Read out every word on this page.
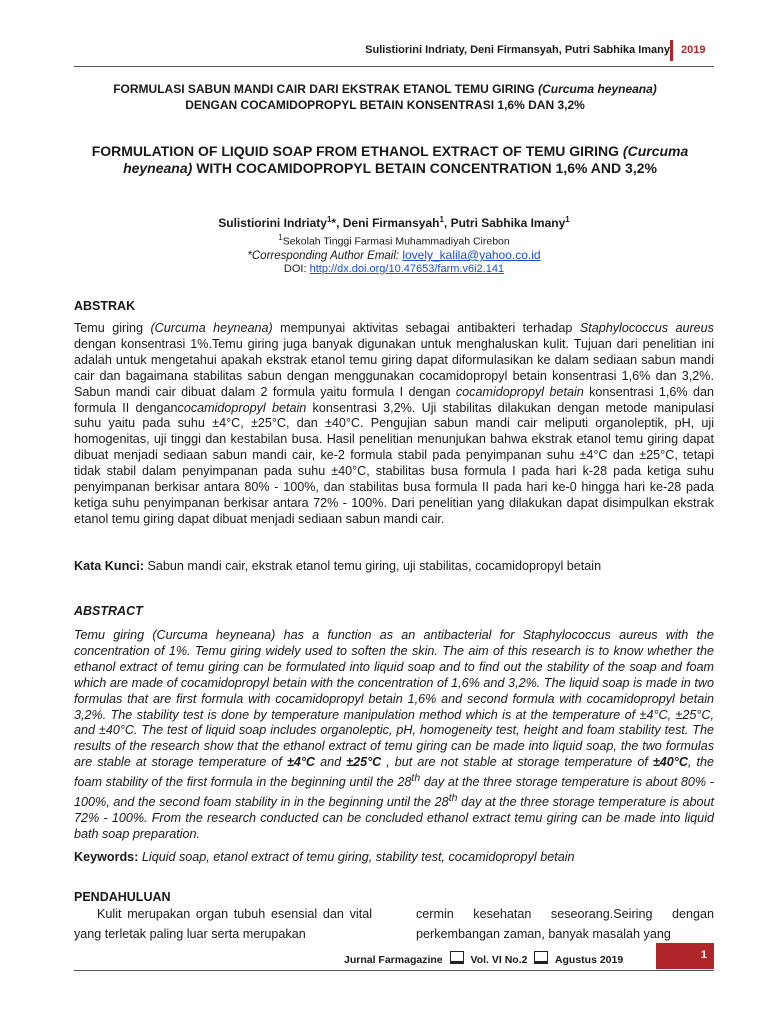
Sulistiorini Indriaty, Deni Firmansyah, Putri Sabhika Imany 2019
FORMULASI SABUN MANDI CAIR DARI EKSTRAK ETANOL TEMU GIRING (Curcuma heyneana) DENGAN COCAMIDOPROPYL BETAIN KONSENTRASI 1,6% DAN 3,2%
FORMULATION OF LIQUID SOAP FROM ETHANOL EXTRACT OF TEMU GIRING (Curcuma heyneana) WITH COCAMIDOPROPYL BETAIN CONCENTRATION 1,6% AND 3,2%
Sulistiorini Indriaty$^1$*, Deni Firmansyah$^1$, Putri Sabhika Imany$^1$
$^1$Sekolah Tinggi Farmasi Muhammadiyah Cirebon
*Corresponding Author Email: lovely_kalila@yahoo.co.id
DOI: http://dx.doi.org/10.47653/farm.v6i2.141
ABSTRAK
Temu giring (Curcuma heyneana) mempunyai aktivitas sebagai antibakteri terhadap Staphylococcus aureus dengan konsentrasi 1%.Temu giring juga banyak digunakan untuk menghaluskan kulit. Tujuan dari penelitian ini adalah untuk mengetahui apakah ekstrak etanol temu giring dapat diformulasikan ke dalam sediaan sabun mandi cair dan bagaimana stabilitas sabun dengan menggunakan cocamidopropyl betain konsentrasi 1,6% dan 3,2%. Sabun mandi cair dibuat dalam 2 formula yaitu formula I dengan cocamidopropyl betain konsentrasi 1,6% dan formula II dengancocamidopropyl betain konsentrasi 3,2%. Uji stabilitas dilakukan dengan metode manipulasi suhu yaitu pada suhu ±4°C, ±25°C, dan ±40°C. Pengujian sabun mandi cair meliputi organoleptik, pH, uji homogenitas, uji tinggi dan kestabilan busa. Hasil penelitian menunjukan bahwa ekstrak etanol temu giring dapat dibuat menjadi sediaan sabun mandi cair, ke-2 formula stabil pada penyimpanan suhu ±4°C dan ±25°C, tetapi tidak stabil dalam penyimpanan pada suhu ±40°C, stabilitas busa formula I pada hari k-28 pada ketiga suhu penyimpanan berkisar antara 80% - 100%, dan stabilitas busa formula II pada hari ke-0 hingga hari ke-28 pada ketiga suhu penyimpanan berkisar antara 72% - 100%. Dari penelitian yang dilakukan dapat disimpulkan ekstrak etanol temu giring dapat dibuat menjadi sediaan sabun mandi cair.
Kata Kunci: Sabun mandi cair, ekstrak etanol temu giring, uji stabilitas, cocamidopropyl betain
ABSTRACT
Temu giring (Curcuma heyneana) has a function as an antibacterial for Staphylococcus aureus with the concentration of 1%. Temu giring widely used to soften the skin. The aim of this research is to know whether the ethanol extract of temu giring can be formulated into liquid soap and to find out the stability of the soap and foam which are made of cocamidopropyl betain with the concentration of 1,6% and 3,2%. The liquid soap is made in two formulas that are first formula with cocamidopropyl betain 1,6% and second formula with cocamidopropyl betain 3,2%. The stability test is done by temperature manipulation method which is at the temperature of ±4°C, ±25°C, and ±40°C. The test of liquid soap includes organoleptic, pH, homogeneity test, height and foam stability test. The results of the research show that the ethanol extract of temu giring can be made into liquid soap, the two formulas are stable at storage temperature of ±4°C and ±25°C , but are not stable at storage temperature of ±40°C, the foam stability of the first formula in the beginning until the 28th day at the three storage temperature is about 80% - 100%, and the second foam stability in in the beginning until the 28th day at the three storage temperature is about 72% - 100%. From the research conducted can be concluded ethanol extract temu giring can be made into liquid bath soap preparation.
Keywords: Liquid soap, etanol extract of temu giring, stability test, cocamidopropyl betain
PENDAHULUAN
Kulit merupakan organ tubuh esensial dan vital yang terletak paling luar serta merupakan
cermin kesehatan seseorang.Seiring dengan perkembangan zaman, banyak masalah yang
Jurnal Farmagazine	Vol. VI No.2	Agustus 2019	1
